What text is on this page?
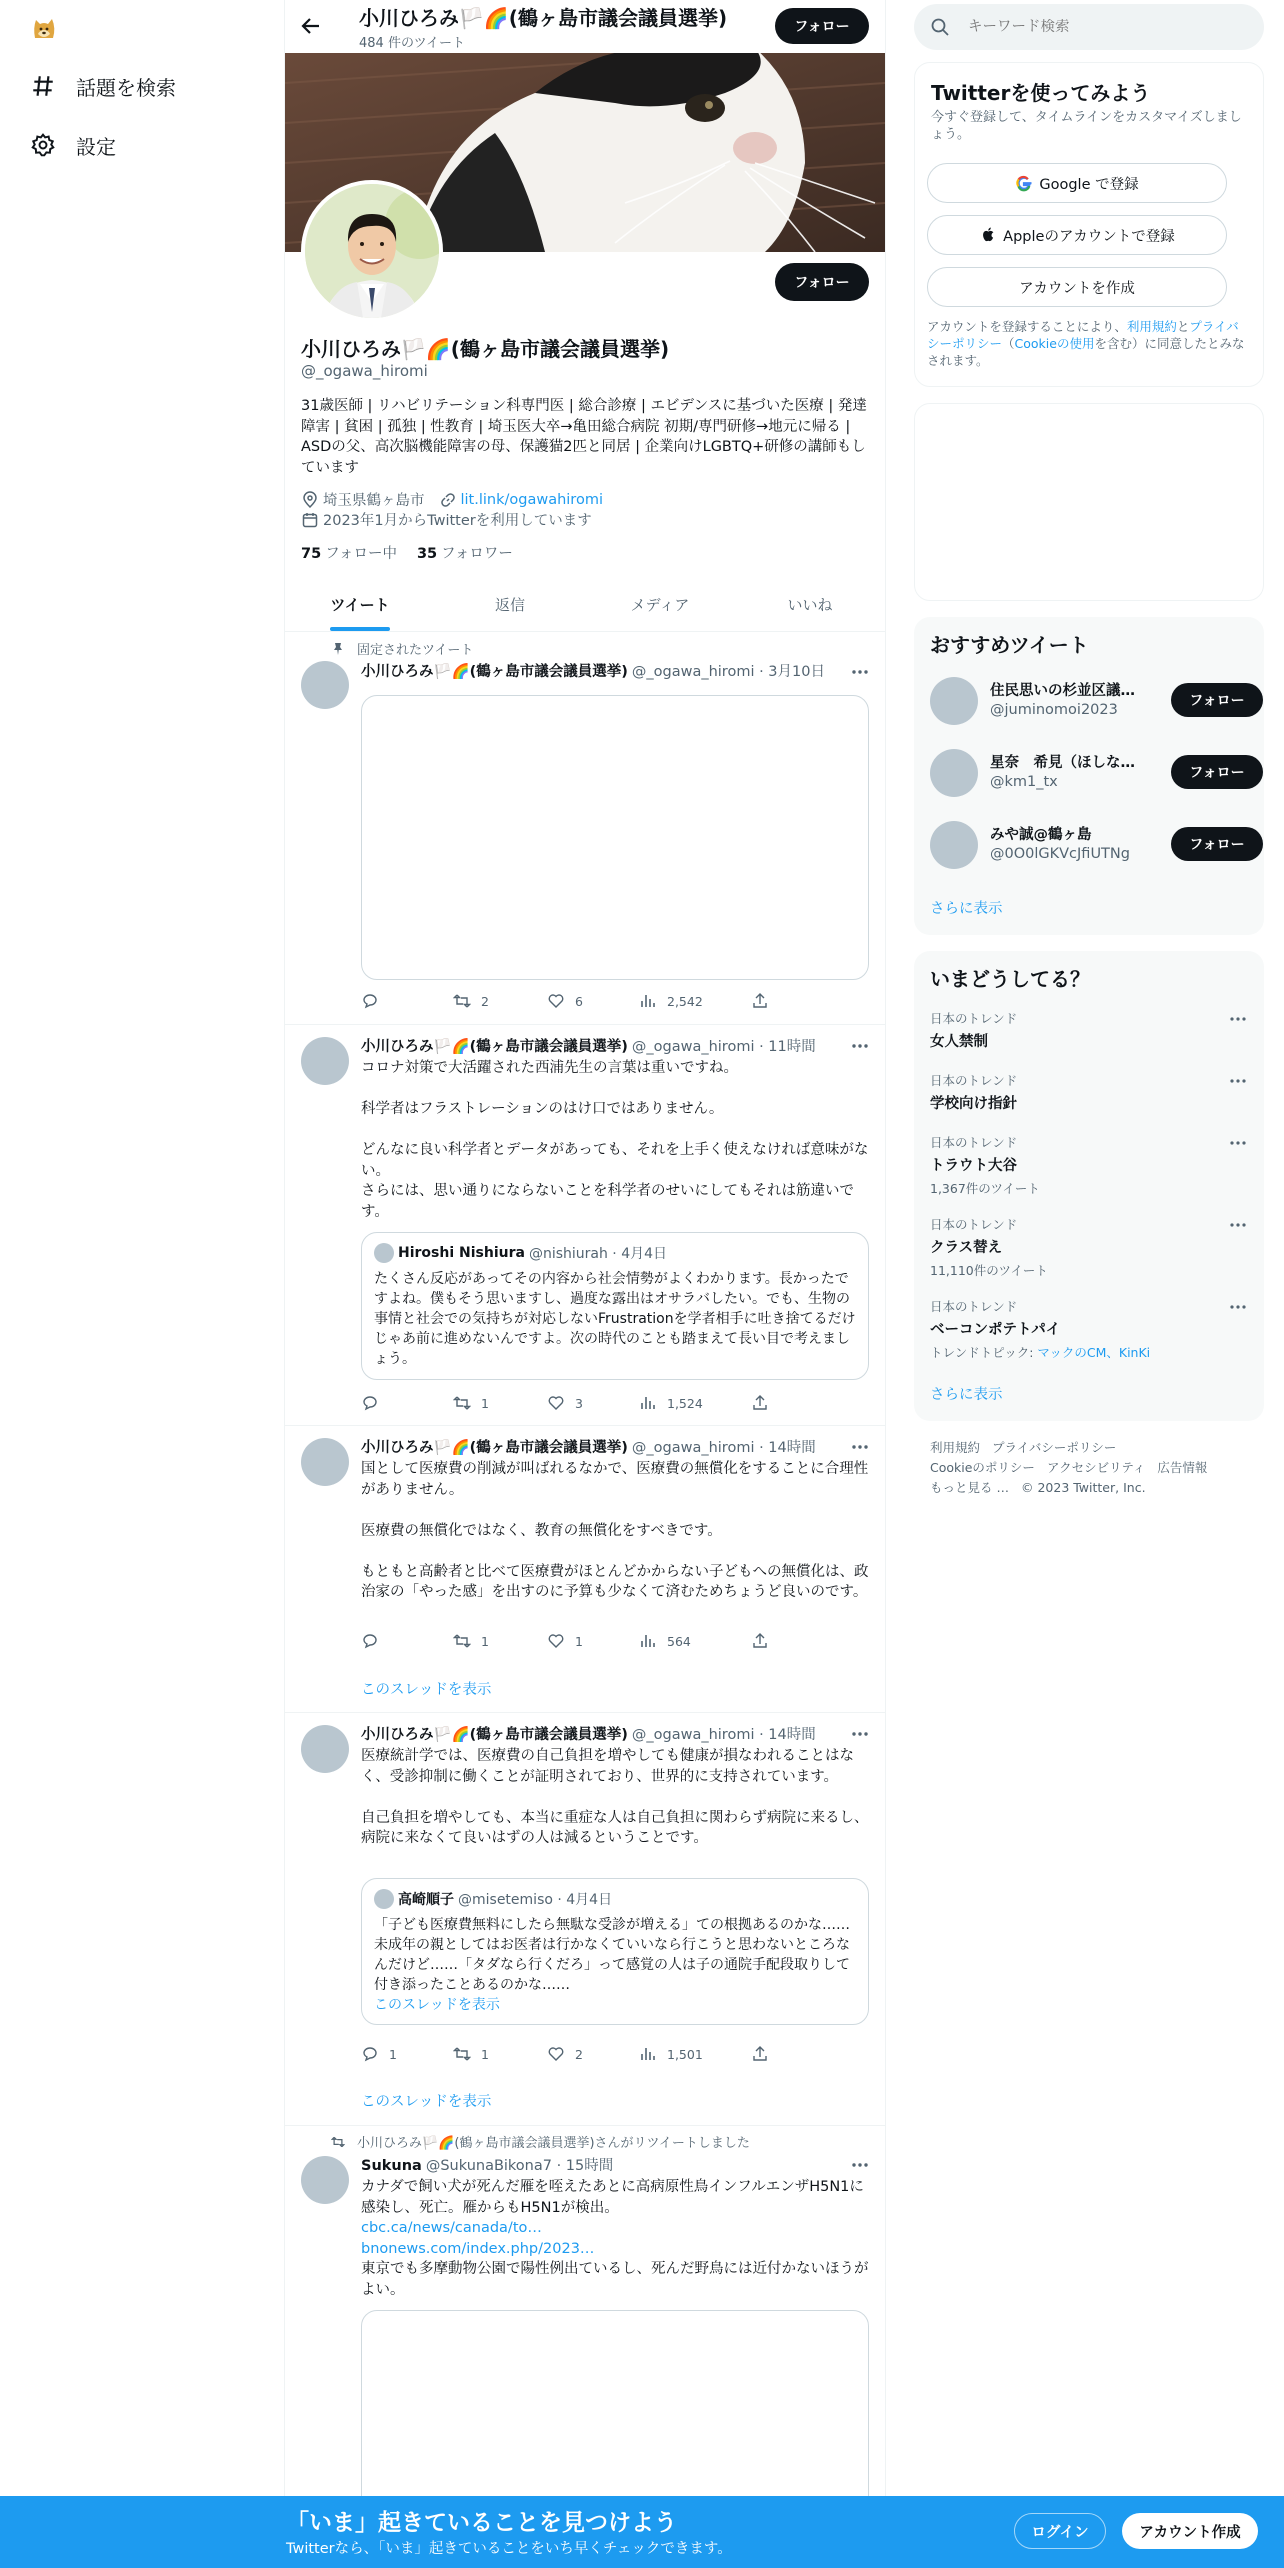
話題を検索
設定
小川ひろみ🏳️🌈(鶴ヶ島市議会議員選挙)
484 件のツイート
フォロー
フォロー
小川ひろみ🏳️🌈(鶴ヶ島市議会議員選挙)
@_ogawa_hiromi
31歳医師 | リハビリテーション科専門医 | 総合診療 | エビデンスに基づいた医療 | 発達障害 | 貧困 | 孤独 | 性教育 | 埼玉医大卒→亀田総合病院 初期/専門研修→地元に帰る | ASDの父、高次脳機能障害の母、保護猫2匹と同居 | 企業向けLGBTQ+研修の講師もしています
埼玉県鶴ヶ島市 lit.link/ogawahiromi
2023年1月からTwitterを利用しています
75 フォロー中 35 フォロワー
ツイート	返信	メディア	いいね
固定されたツイート
小川ひろみ🏳️🌈(鶴ヶ島市議会議員選挙) @_ogawa_hiromi · 3月10日
2	6	2,542
小川ひろみ🏳️🌈(鶴ヶ島市議会議員選挙) @_ogawa_hiromi · 11時間
コロナ対策で大活躍された西浦先生の言葉は重いですね。

科学者はフラストレーションのはけ口ではありません。

どんなに良い科学者とデータがあっても、それを上手く使えなければ意味がない。
さらには、思い通りにならないことを科学者のせいにしてもそれは筋違いです。
Hiroshi Nishiura @nishiurah · 4月4日
たくさん反応があってその内容から社会情勢がよくわかります。長かったですよね。僕もそう思いますし、過度な露出はオサラバしたい。でも、生物の事情と社会での気持ちが対応しないFrustrationを学者相手に吐き捨てるだけじゃあ前に進めないんですよ。次の時代のことも踏まえて長い目で考えましょう。
1	3	1,524
小川ひろみ🏳️🌈(鶴ヶ島市議会議員選挙) @_ogawa_hiromi · 14時間
国として医療費の削減が叫ばれるなかで、医療費の無償化をすることに合理性がありません。

医療費の無償化ではなく、教育の無償化をすべきです。

もともと高齢者と比べて医療費がほとんどかからない子どもへの無償化は、政治家の「やった感」を出すのに予算も少なくて済むためちょうど良いのです。
1	1	564
このスレッドを表示
小川ひろみ🏳️🌈(鶴ヶ島市議会議員選挙) @_ogawa_hiromi · 14時間
医療統計学では、医療費の自己負担を増やしても健康が損なわれることはなく、受診抑制に働くことが証明されており、世界的に支持されています。

自己負担を増やしても、本当に重症な人は自己負担に関わらず病院に来るし、病院に来なくて良いはずの人は減るということです。
高崎順子 @misetemiso · 4月4日
「子ども医療費無料にしたら無駄な受診が増える」ての根拠あるのかな……未成年の親としてはお医者は行かなくていいなら行こうと思わないところなんだけど……「タダなら行くだろ」って感覚の人は子の通院手配段取りして付き添ったことあるのかな……
このスレッドを表示
1	1	2	1,501
このスレッドを表示
小川ひろみ🏳️🌈(鶴ヶ島市議会議員選挙)さんがリツイートしました
Sukuna @SukunaBikona7 · 15時間
カナダで飼い犬が死んだ雁を咥えたあとに高病原性鳥インフルエンザH5N1に感染し、死亡。雁からもH5N1が検出。
cbc.ca/news/canada/to…
bnonews.com/index.php/2023…
東京でも多摩動物公園で陽性例出ているし、死んだ野鳥には近付かないほうがよい。
キーワード検索
Twitterを使ってみよう
今すぐ登録して、タイムラインをカスタマイズしましょう。
Google で登録
Appleのアカウントで登録
アカウントを作成
アカウントを登録することにより、利用規約とプライバシーポリシー（Cookieの使用を含む）に同意したとみなされます。
おすすめツイート
住民思いの杉並区議…
@juminomoi2023
フォロー
星奈　希見（ほしな…
@km1_tx
フォロー
みや誠@鶴ヶ島
@0O0lGKVcJfiUTNg
フォロー
さらに表示
いまどうしてる？
日本のトレンド
女人禁制
日本のトレンド
学校向け指針
日本のトレンド
トラウト大谷
1,367件のツイート
日本のトレンド
クラス替え
11,110件のツイート
日本のトレンド
ベーコンポテトパイ
トレンドトピック: マックのCM、KinKi
さらに表示
利用規約 プライバシーポリシー
Cookieのポリシー アクセシビリティ 広告情報
もっと見る … © 2023 Twitter, Inc.
「いま」起きていることを見つけよう
Twitterなら、「いま」起きていることをいち早くチェックできます。
ログイン	アカウント作成
